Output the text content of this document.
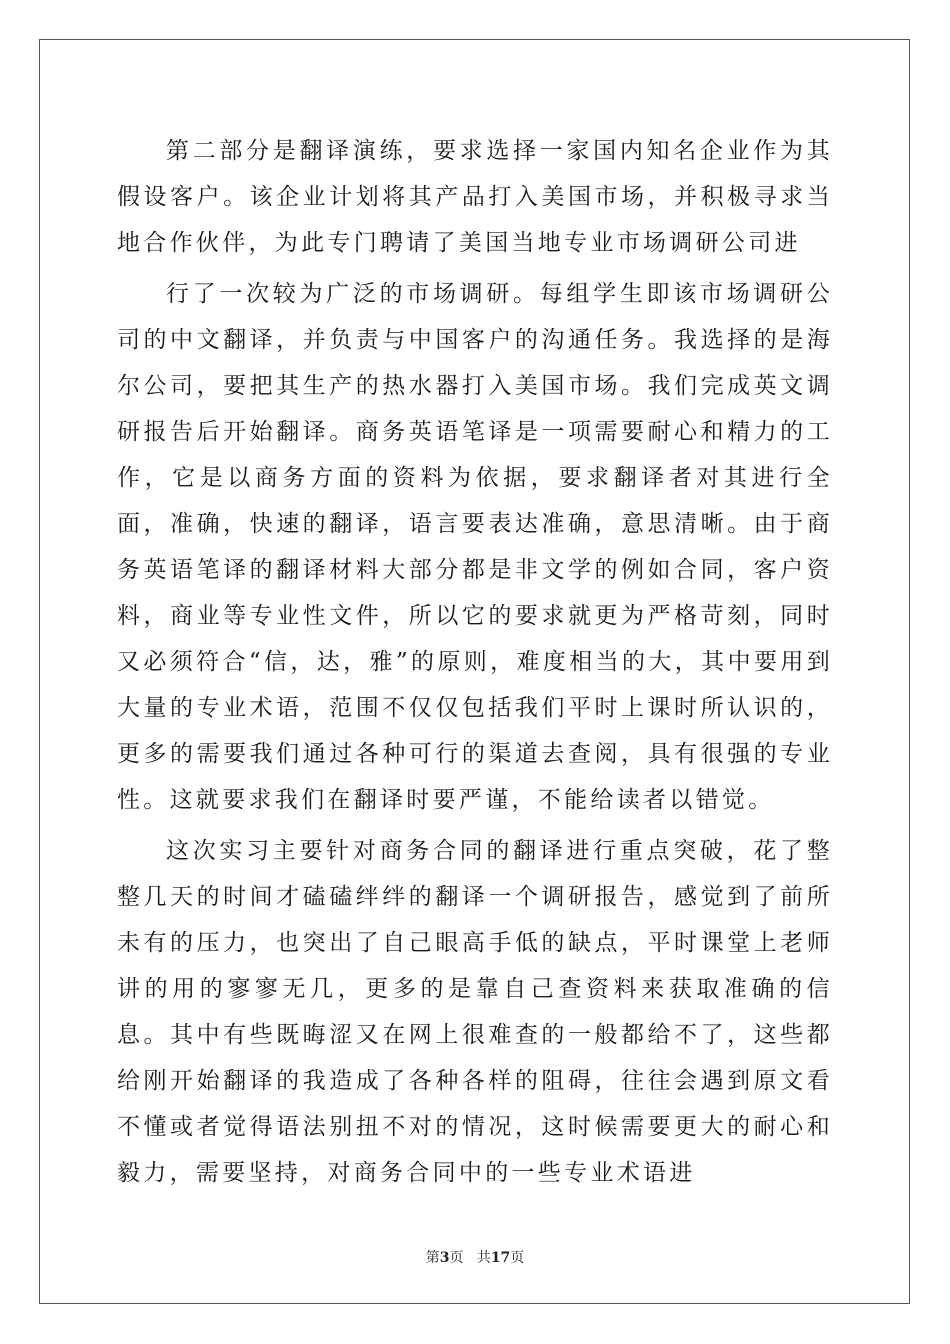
第二部分是翻译演练，要求选择一家国内知名企业作为其假设客户。该企业计划将其产品打入美国市场，并积极寻求当地合作伙伴，为此专门聘请了美国当地专业市场调研公司进

行了一次较为广泛的市场调研。每组学生即该市场调研公司的中文翻译，并负责与中国客户的沟通任务。我选择的是海尔公司，要把其生产的热水器打入美国市场。我们完成英文调研报告后开始翻译。商务英语笔译是一项需要耐心和精力的工作，它是以商务方面的资料为依据，要求翻译者对其进行全面，准确，快速的翻译，语言要表达准确，意思清晰。由于商务英语笔译的翻译材料大部分都是非文学的例如合同，客户资料，商业等专业性文件，所以它的要求就更为严格苛刻，同时又必须符合“信，达，雅”的原则，难度相当的大，其中要用到大量的专业术语，范围不仅仅包括我们平时上课时所认识的，更多的需要我们通过各种可行的渠道去查阅，具有很强的专业性。这就要求我们在翻译时要严谨，不能给读者以错觉。

这次实习主要针对商务合同的翻译进行重点突破，花了整整几天的时间才磕磕绊绊的翻译一个调研报告，感觉到了前所未有的压力，也突出了自己眼高手低的缺点，平时课堂上老师讲的用的寥寥无几，更多的是靠自己查资料来获取准确的信息。其中有些既晦涩又在网上很难查的一般都给不了，这些都给刚开始翻译的我造成了各种各样的阻碍，往往会遇到原文看不懂或者觉得语法别扭不对的情况，这时候需要更大的耐心和毅力，需要坚持，对商务合同中的一些专业术语进

第3页 共17页
